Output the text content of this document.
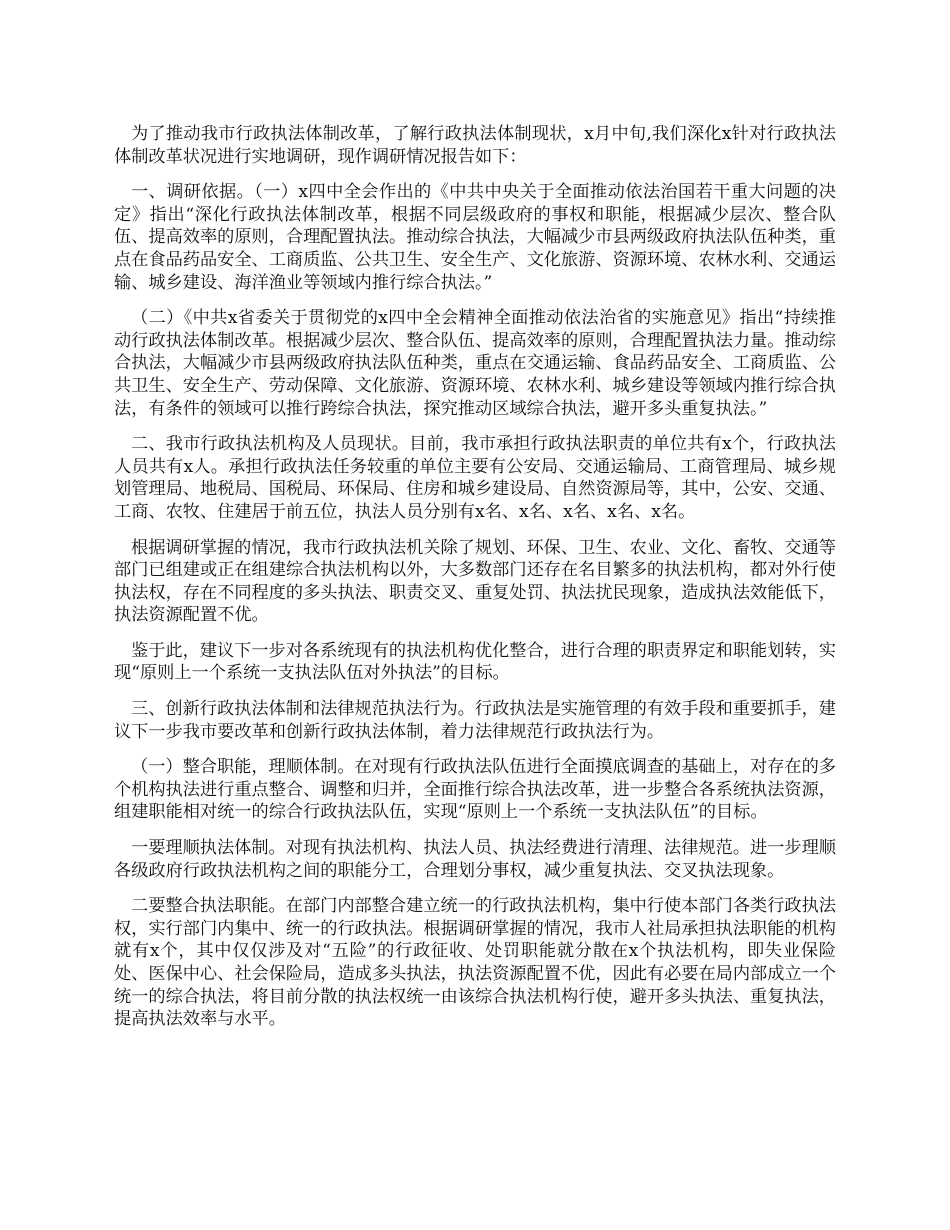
为了推动我市行政执法体制改革，了解行政执法体制现状，x月中旬,我们深化x针对行政执法体制改革状况进行实地调研，现作调研情况报告如下：

一、调研依据。（一）x四中全会作出的《中共中央关于全面推动依法治国若干重大问题的决定》指出“深化行政执法体制改革，根据不同层级政府的事权和职能，根据减少层次、整合队伍、提高效率的原则，合理配置执法。推动综合执法，大幅减少市县两级政府执法队伍种类，重点在食品药品安全、工商质监、公共卫生、安全生产、文化旅游、资源环境、农林水利、交通运输、城乡建设、海洋渔业等领域内推行综合执法。”

（二）《中共x省委关于贯彻党的x四中全会精神全面推动依法治省的实施意见》指出“持续推动行政执法体制改革。根据减少层次、整合队伍、提高效率的原则，合理配置执法力量。推动综合执法，大幅减少市县两级政府执法队伍种类，重点在交通运输、食品药品安全、工商质监、公共卫生、安全生产、劳动保障、文化旅游、资源环境、农林水利、城乡建设等领域内推行综合执法，有条件的领域可以推行跨综合执法，探究推动区域综合执法，避开多头重复执法。”

二、我市行政执法机构及人员现状。目前，我市承担行政执法职责的单位共有x个，行政执法人员共有x人。承担行政执法任务较重的单位主要有公安局、交通运输局、工商管理局、城乡规划管理局、地税局、国税局、环保局、住房和城乡建设局、自然资源局等，其中，公安、交通、工商、农牧、住建居于前五位，执法人员分别有x名、x名、x名、x名、x名。

根据调研掌握的情况，我市行政执法机关除了规划、环保、卫生、农业、文化、畜牧、交通等部门已组建或正在组建综合执法机构以外，大多数部门还存在名目繁多的执法机构，都对外行使执法权，存在不同程度的多头执法、职责交叉、重复处罚、执法扰民现象，造成执法效能低下，执法资源配置不优。

鉴于此，建议下一步对各系统现有的执法机构优化整合，进行合理的职责界定和职能划转，实现“原则上一个系统一支执法队伍对外执法”的目标。

三、创新行政执法体制和法律规范执法行为。行政执法是实施管理的有效手段和重要抓手，建议下一步我市要改革和创新行政执法体制，着力法律规范行政执法行为。

（一）整合职能，理顺体制。在对现有行政执法队伍进行全面摸底调查的基础上，对存在的多个机构执法进行重点整合、调整和归并，全面推行综合执法改革，进一步整合各系统执法资源，组建职能相对统一的综合行政执法队伍，实现“原则上一个系统一支执法队伍”的目标。

一要理顺执法体制。对现有执法机构、执法人员、执法经费进行清理、法律规范。进一步理顺各级政府行政执法机构之间的职能分工，合理划分事权，减少重复执法、交叉执法现象。

二要整合执法职能。在部门内部整合建立统一的行政执法机构，集中行使本部门各类行政执法权，实行部门内集中、统一的行政执法。根据调研掌握的情况，我市人社局承担执法职能的机构就有x个，其中仅仅涉及对“五险”的行政征收、处罚职能就分散在x个执法机构，即失业保险处、医保中心、社会保险局，造成多头执法，执法资源配置不优，因此有必要在局内部成立一个统一的综合执法，将目前分散的执法权统一由该综合执法机构行使，避开多头执法、重复执法，提高执法效率与水平。
